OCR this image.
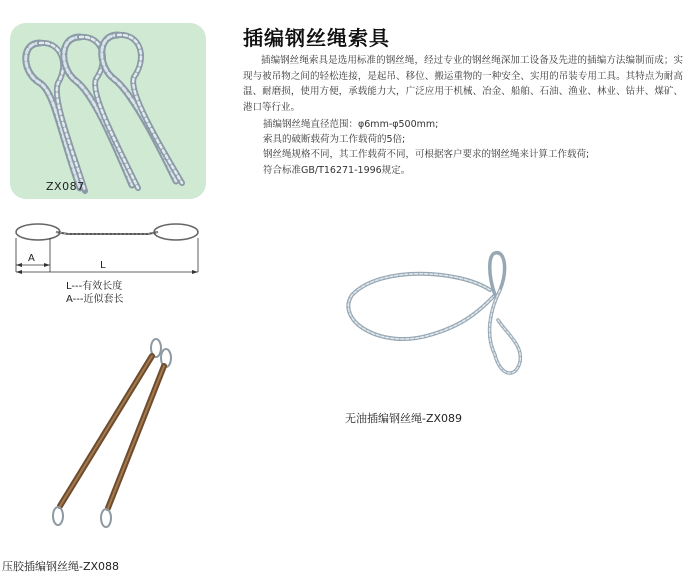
ZX087
插编钢丝绳索具
插编钢丝绳索具是选用标准的钢丝绳，经过专业的钢丝绳深加工设备及先进的插编方法编制而成；实现与被吊物之间的轻松连接，是起吊、移位、搬运重物的一种安全、实用的吊装专用工具。其特点为耐高温、耐磨损，使用方便，承载能力大，广泛应用于机械、冶金、船舶、石油、渔业、林业、钻井、煤矿、港口等行业。
插编钢丝绳直径范围：φ6mm-φ500mm;
索具的破断载荷为工作载荷的5倍;
钢丝绳规格不同，其工作载荷不同，可根据客户要求的钢丝绳来计算工作载荷;
符合标准GB/T16271-1996规定。
A
L
L---有效长度
A---近似套长
无油插编钢丝绳-ZX089
压胶插编钢丝绳-ZX088
